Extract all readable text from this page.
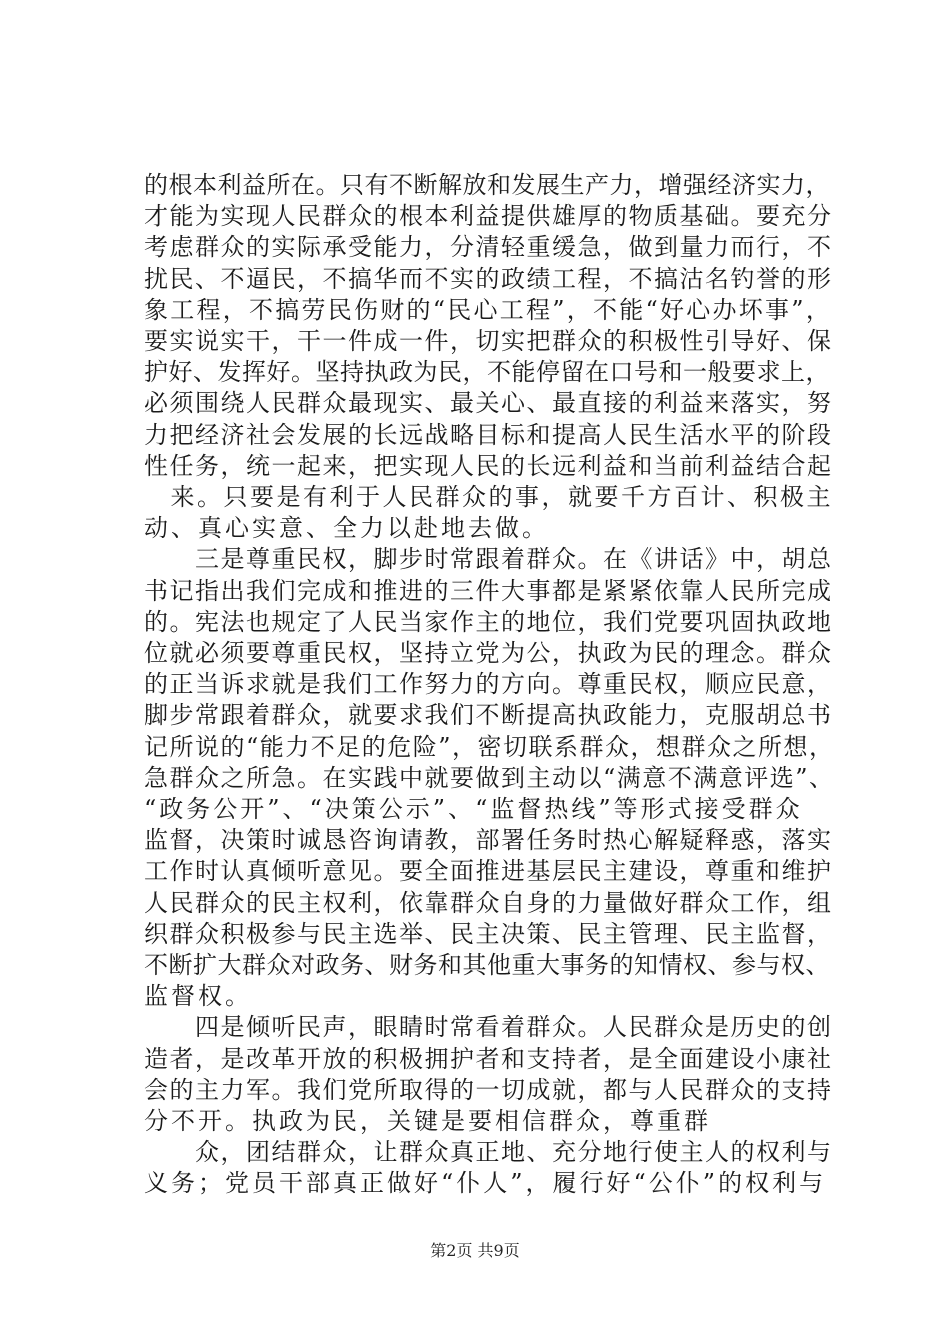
的根本利益所在。只有不断解放和发展生产力，增强经济实力，
才能为实现人民群众的根本利益提供雄厚的物质基础。要充分
考虑群众的实际承受能力，分清轻重缓急，做到量力而行，不
扰民、不逼民，不搞华而不实的政绩工程，不搞沽名钓誉的形
象工程，不搞劳民伤财的“民心工程”，不能“好心办坏事”，
要实说实干，干一件成一件，切实把群众的积极性引导好、保
护好、发挥好。坚持执政为民，不能停留在口号和一般要求上，
必须围绕人民群众最现实、最关心、最直接的利益来落实，努
力把经济社会发展的长远战略目标和提高人民生活水平的阶段
性任务，统一起来，把实现人民的长远利益和当前利益结合起
　来。只要是有利于人民群众的事，就要千方百计、积极主
动、真心实意、全力以赴地去做。
　　三是尊重民权，脚步时常跟着群众。在《讲话》中，胡总
书记指出我们完成和推进的三件大事都是紧紧依靠人民所完成
的。宪法也规定了人民当家作主的地位，我们党要巩固执政地
位就必须要尊重民权，坚持立党为公，执政为民的理念。群众
的正当诉求就是我们工作努力的方向。尊重民权，顺应民意，
脚步常跟着群众，就要求我们不断提高执政能力，克服胡总书
记所说的“能力不足的危险”，密切联系群众，想群众之所想，
急群众之所急。在实践中就要做到主动以“满意不满意评选”、
“政务公开”、“决策公示”、“监督热线”等形式接受群众
监督，决策时诚恳咨询请教，部署任务时热心解疑释惑，落实
工作时认真倾听意见。要全面推进基层民主建设，尊重和维护
人民群众的民主权利，依靠群众自身的力量做好群众工作，组
织群众积极参与民主选举、民主决策、民主管理、民主监督，
不断扩大群众对政务、财务和其他重大事务的知情权、参与权、
监督权。
　　四是倾听民声，眼睛时常看着群众。人民群众是历史的创
造者，是改革开放的积极拥护者和支持者，是全面建设小康社
会的主力军。我们党所取得的一切成就，都与人民群众的支持
分不开。执政为民，关键是要相信群众，尊重群
　　众，团结群众，让群众真正地、充分地行使主人的权利与
义务；党员干部真正做好“仆人”，履行好“公仆”的权利与
第2页 共9页
